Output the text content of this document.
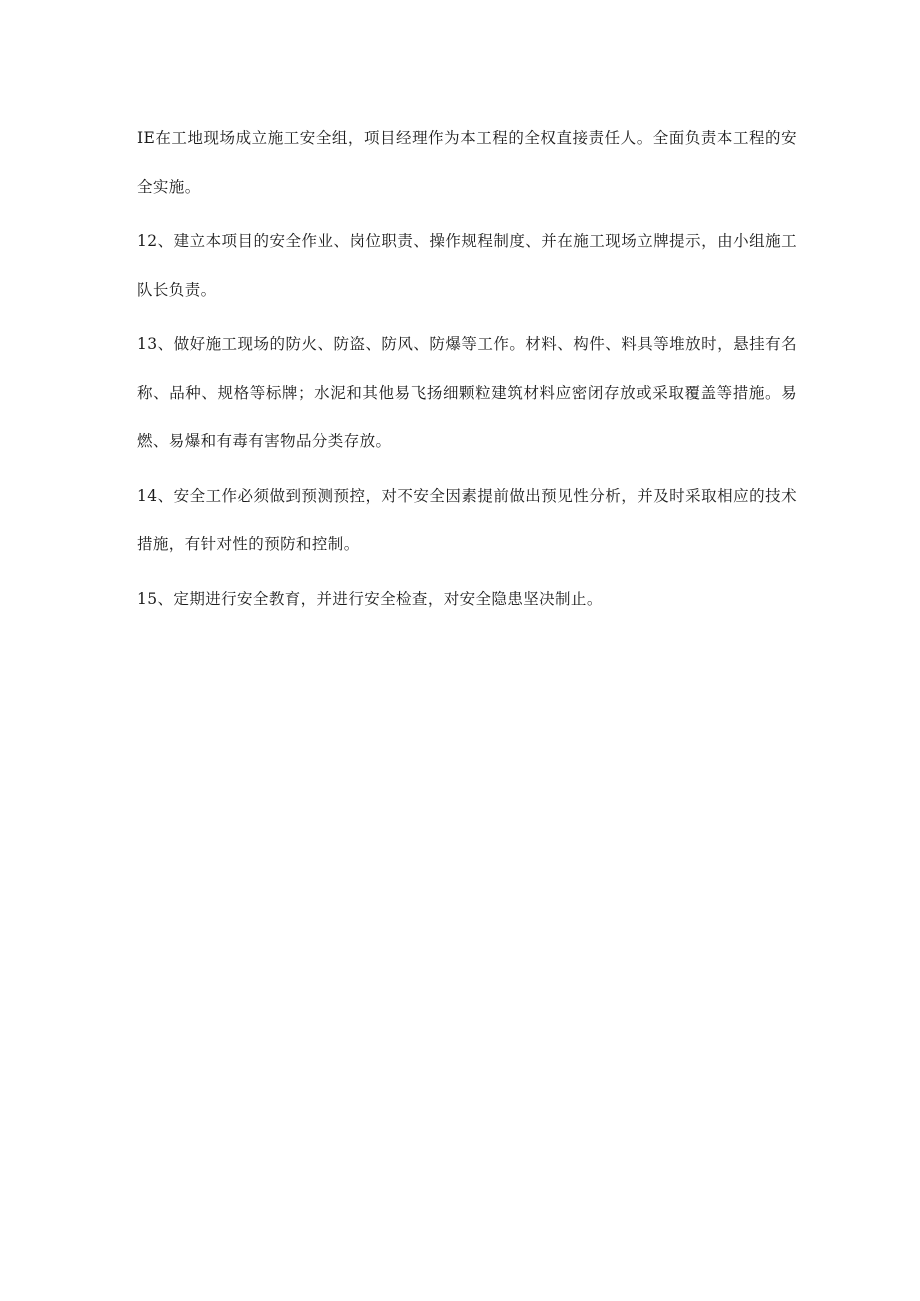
IE在工地现场成立施工安全组，项目经理作为本工程的全权直接责任人。全面负责本工程的安全实施。

12、建立本项目的安全作业、岗位职责、操作规程制度、并在施工现场立牌提示，由小组施工队长负责。

13、做好施工现场的防火、防盗、防风、防爆等工作。材料、构件、料具等堆放时，悬挂有名称、品种、规格等标牌；水泥和其他易飞扬细颗粒建筑材料应密闭存放或采取覆盖等措施。易燃、易爆和有毒有害物品分类存放。

14、安全工作必须做到预测预控，对不安全因素提前做出预见性分析，并及时采取相应的技术措施，有针对性的预防和控制。

15、定期进行安全教育，并进行安全检查，对安全隐患坚决制止。
